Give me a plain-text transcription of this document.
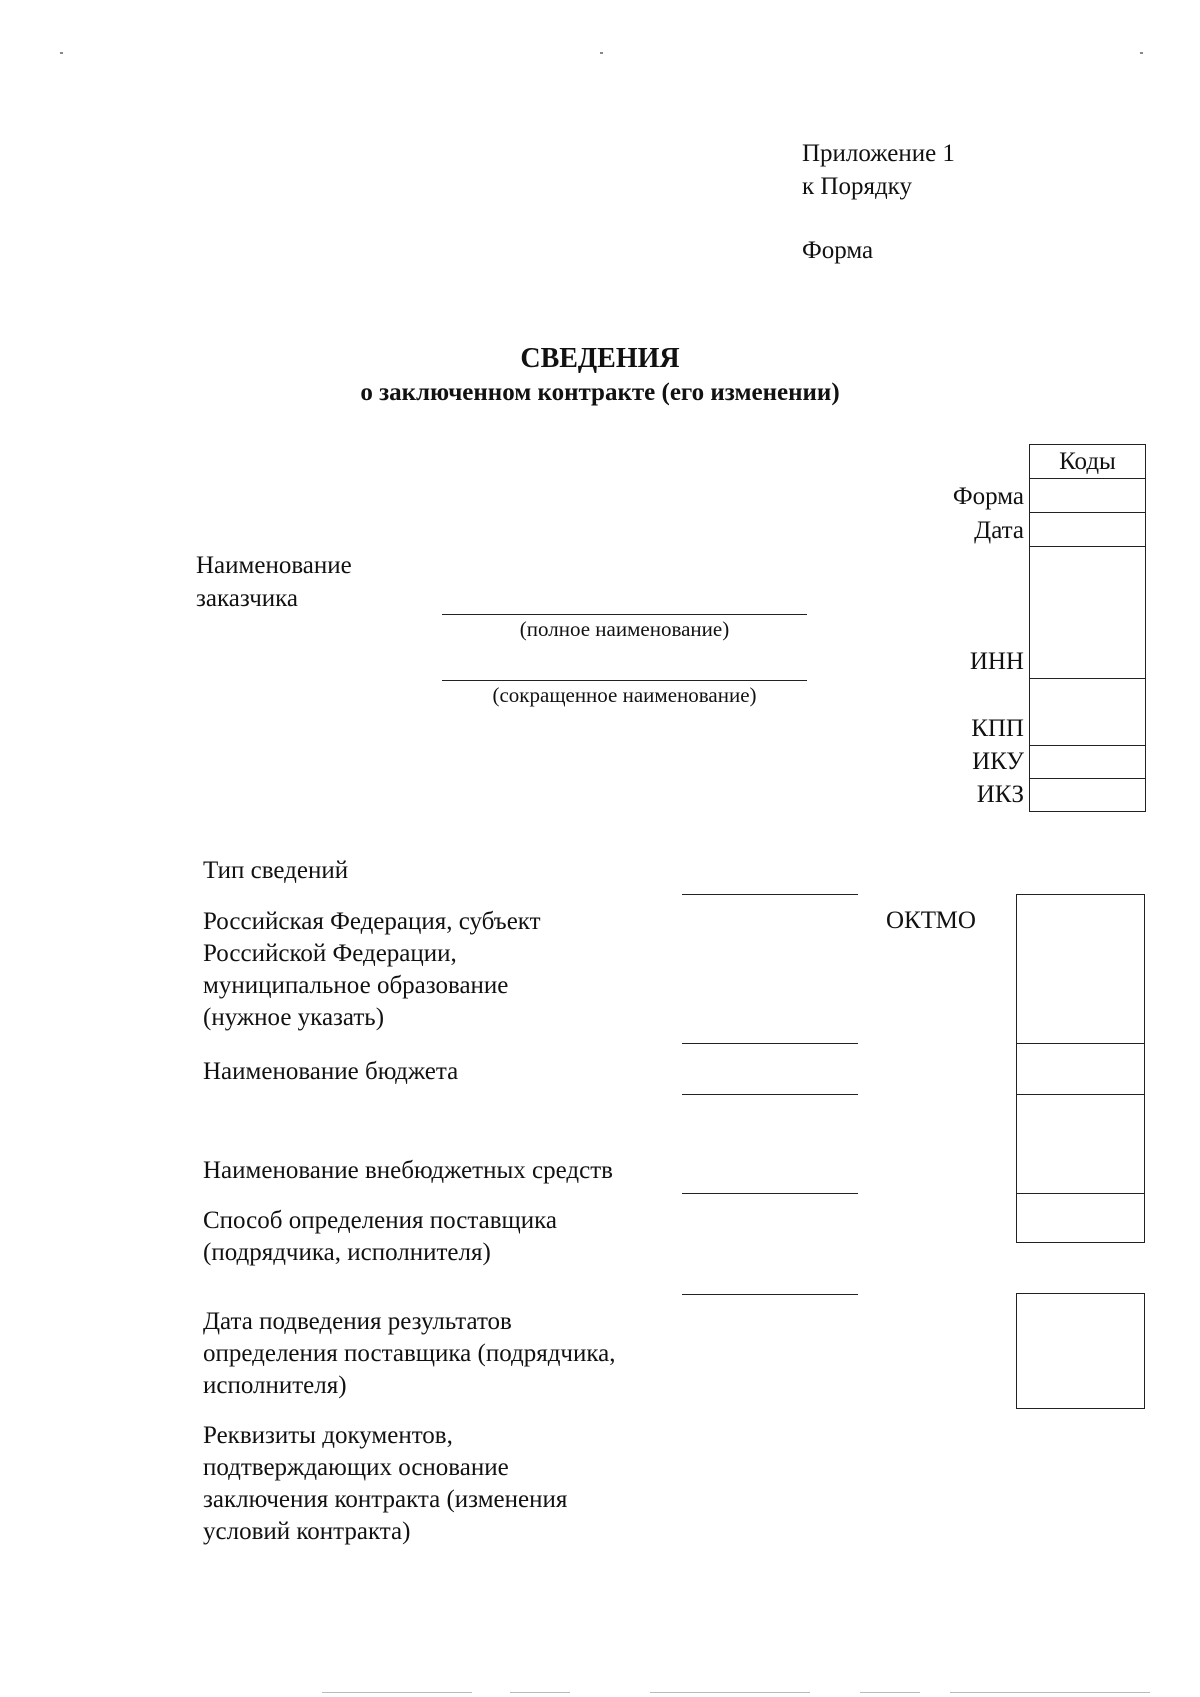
Приложение 1
к Порядку
Форма
СВЕДЕНИЯ
о заключенном контракте (его изменении)
Коды
Форма
Дата
ИНН
КПП
ИКУ
ИКЗ
Наименование
заказчика
(полное наименование)
(сокращенное наименование)
Тип сведений
Российская Федерация, субъект
Российской Федерации,
муниципальное образование
(нужное указать)
ОКТМО
Наименование бюджета
Наименование внебюджетных средств
Способ определения поставщика
(подрядчика, исполнителя)
Дата подведения результатов
определения поставщика (подрядчика,
исполнителя)
Реквизиты документов,
подтверждающих основание
заключения контракта (изменения
условий контракта)
